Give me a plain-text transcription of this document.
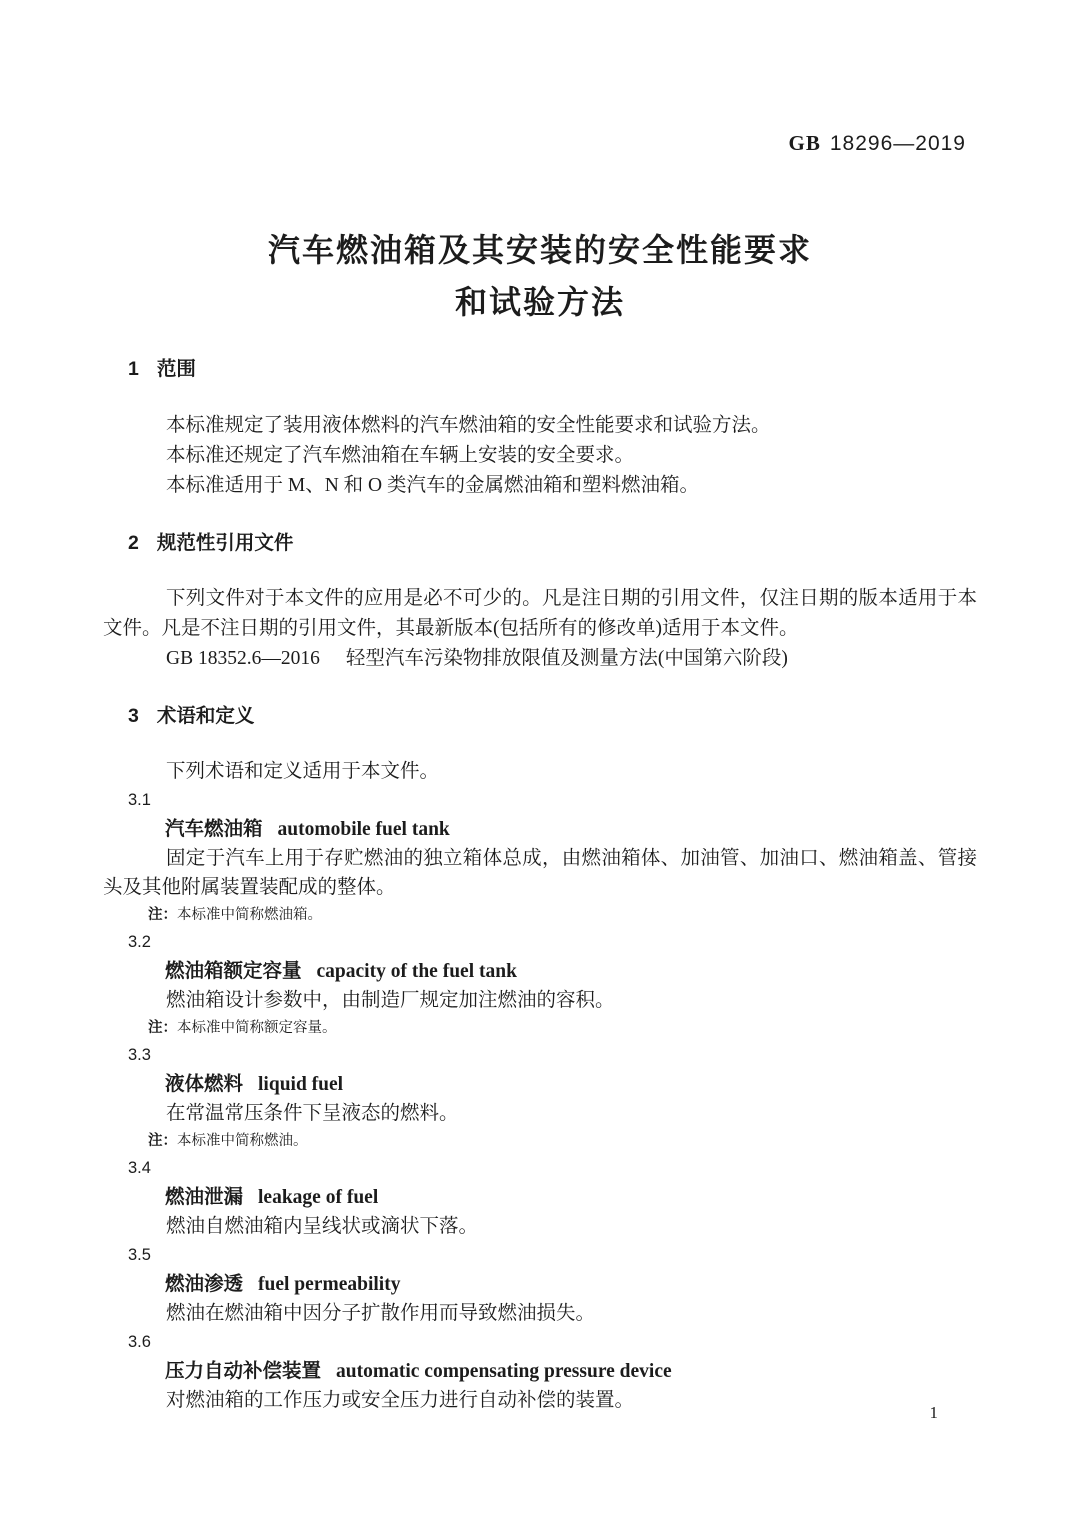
GB 18296—2019
汽车燃油箱及其安装的安全性能要求
和试验方法
1 范围

本标准规定了装用液体燃料的汽车燃油箱的安全性能要求和试验方法。

本标准还规定了汽车燃油箱在车辆上安装的安全要求。

本标准适用于 M、N 和 O 类汽车的金属燃油箱和塑料燃油箱。

2 规范性引用文件

下列文件对于本文件的应用是必不可少的。凡是注日期的引用文件，仅注日期的版本适用于本文件。凡是不注日期的引用文件，其最新版本(包括所有的修改单)适用于本文件。

GB 18352.6—2016 轻型汽车污染物排放限值及测量方法(中国第六阶段)

3 术语和定义

下列术语和定义适用于本文件。

3.1
汽车燃油箱 automobile fuel tank

固定于汽车上用于存贮燃油的独立箱体总成，由燃油箱体、加油管、加油口、燃油箱盖、管接头及其他附属装置装配成的整体。

注：本标准中简称燃油箱。
3.2
燃油箱额定容量 capacity of the fuel tank

燃油箱设计参数中，由制造厂规定加注燃油的容积。

注：本标准中简称额定容量。
3.3
液体燃料 liquid fuel

在常温常压条件下呈液态的燃料。

注：本标准中简称燃油。
3.4
燃油泄漏 leakage of fuel

燃油自燃油箱内呈线状或滴状下落。

3.5
燃油渗透 fuel permeability

燃油在燃油箱中因分子扩散作用而导致燃油损失。

3.6
压力自动补偿装置 automatic compensating pressure device

对燃油箱的工作压力或安全压力进行自动补偿的装置。

1
